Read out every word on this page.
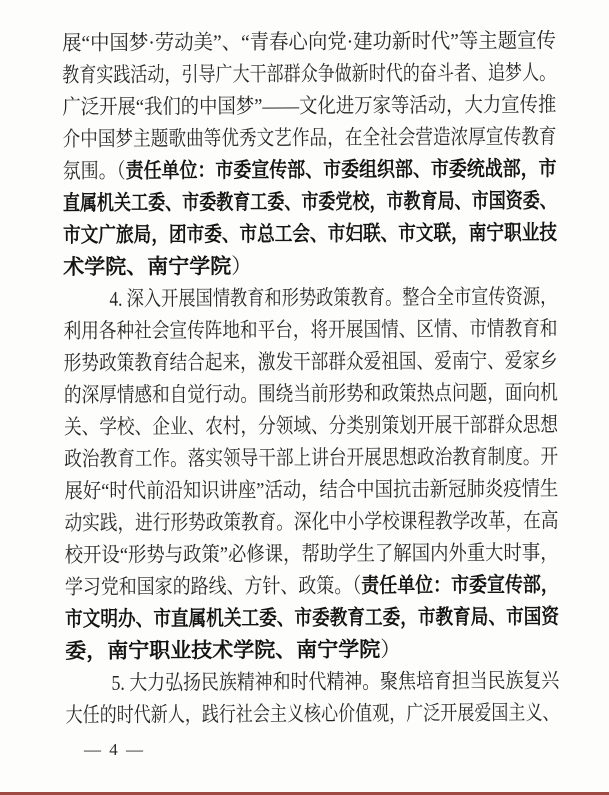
展“中国梦·劳动美”、“青春心向党·建功新时代”等主题宣传
教育实践活动，引导广大干部群众争做新时代的奋斗者、追梦人。
广泛开展“我们的中国梦”——文化进万家等活动，大力宣传推
介中国梦主题歌曲等优秀文艺作品，在全社会营造浓厚宣传教育
氛围。（责任单位：市委宣传部、市委组织部、市委统战部，市
直属机关工委、市委教育工委、市委党校，市教育局、市国资委、
市文广旅局，团市委、市总工会、市妇联、市文联，南宁职业技
术学院、南宁学院）
4. 深入开展国情教育和形势政策教育。整合全市宣传资源，
利用各种社会宣传阵地和平台，将开展国情、区情、市情教育和
形势政策教育结合起来，激发干部群众爱祖国、爱南宁、爱家乡
的深厚情感和自觉行动。围绕当前形势和政策热点问题，面向机
关、学校、企业、农村，分领域、分类别策划开展干部群众思想
政治教育工作。落实领导干部上讲台开展思想政治教育制度。开
展好“时代前沿知识讲座”活动，结合中国抗击新冠肺炎疫情生
动实践，进行形势政策教育。深化中小学校课程教学改革，在高
校开设“形势与政策”必修课，帮助学生了解国内外重大时事，
学习党和国家的路线、方针、政策。（责任单位：市委宣传部，
市文明办、市直属机关工委、市委教育工委，市教育局、市国资
委，南宁职业技术学院、南宁学院）
5. 大力弘扬民族精神和时代精神。聚焦培育担当民族复兴
大任的时代新人，践行社会主义核心价值观，广泛开展爱国主义、
— 4 —
